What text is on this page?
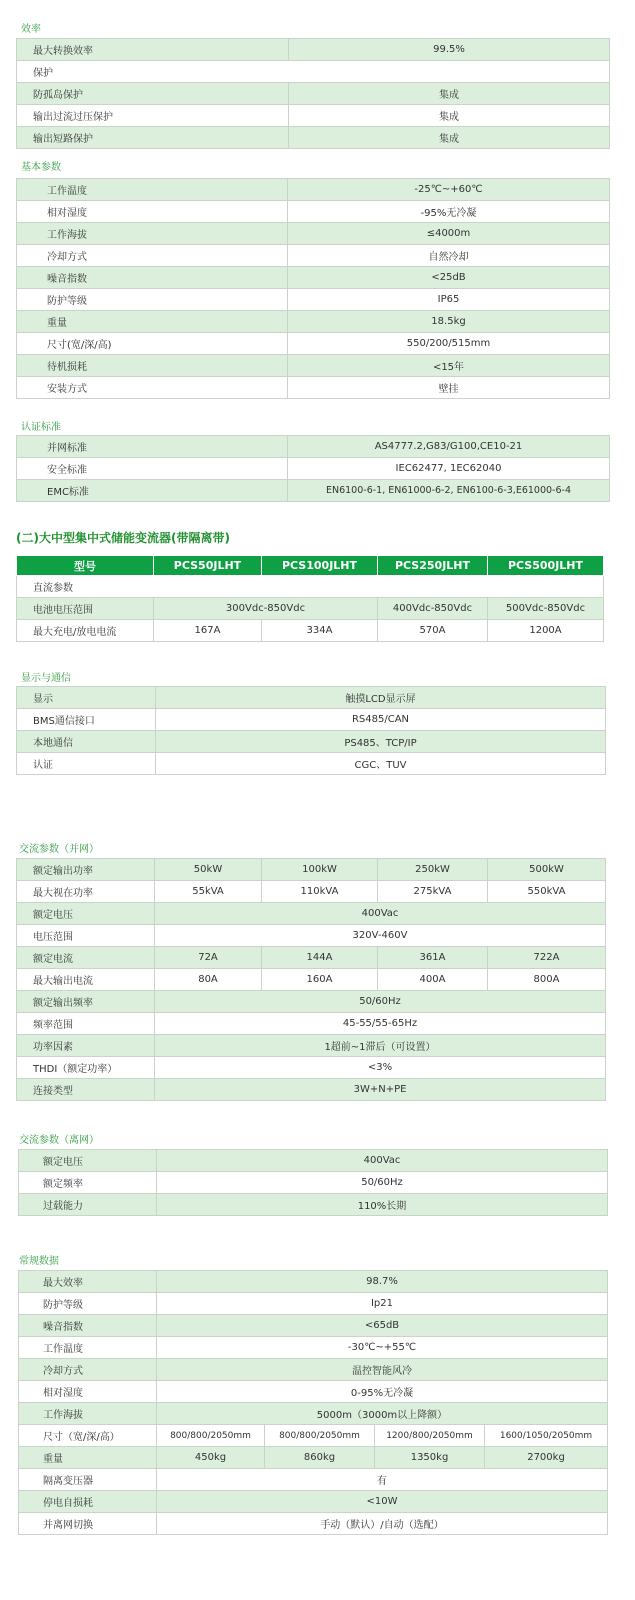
效率
最大转换效率	99.5%
保护	
防孤岛保护	集成
输出过流过压保护	集成
输出短路保护	集成
基本参数
工作温度	-25℃~+60℃
相对湿度	-95%无冷凝
工作海拔	≤4000m
冷却方式	自然冷却
噪音指数	<25dB
防护等级	IP65
重量	18.5kg
尺寸(宽/深/高)	550/200/515mm
待机损耗	<15年
安装方式	壁挂
认证标准
并网标准	AS4777.2,G83/G100,CE10-21
安全标准	IEC62477, 1EC62040
EMC标准	EN6100-6-1, EN61000-6-2, EN6100-6-3,E61000-6-4
(二)大中型集中式储能变流器(带隔离带)
型号	PCS50JLHT	PCS100JLHT	PCS250JLHT	PCS500JLHT
直流参数				
电池电压范围	300Vdc-850Vdc		400Vdc-850Vdc	500Vdc-850Vdc
最大充电/放电电流	167A	334A	570A	1200A
显示与通信
显示	触摸LCD显示屏
BMS通信接口	RS485/CAN
本地通信	PS485、TCP/IP
认证	CGC、TUV
交流参数（并网）
额定输出功率	50kW	100kW	250kW	500kW
最大视在功率	55kVA	110kVA	275kVA	550kVA
额定电压	400Vac			
电压范围	320V-460V			
额定电流	72A	144A	361A	722A
最大输出电流	80A	160A	400A	800A
额定输出频率	50/60Hz			
频率范围	45-55/55-65Hz			
功率因素	1超前~1滞后（可设置）			
THDI（额定功率）	<3%			
连接类型	3W+N+PE			
交流参数（离网）
额定电压	400Vac
额定频率	50/60Hz
过载能力	110%长期
常规数据
最大效率	98.7%			
防护等级	Ip21			
噪音指数	<65dB			
工作温度	-30℃~+55℃			
冷却方式	温控智能风冷			
相对湿度	0-95%无冷凝			
工作海拔	5000m（3000m以上降额）			
尺寸（宽/深/高）	800/800/2050mm	800/800/2050mm	1200/800/2050mm	1600/1050/2050mm
重量	450kg	860kg	1350kg	2700kg
隔离变压器	有			
停电自损耗	<10W			
并离网切换	手动（默认）/自动（选配）			
